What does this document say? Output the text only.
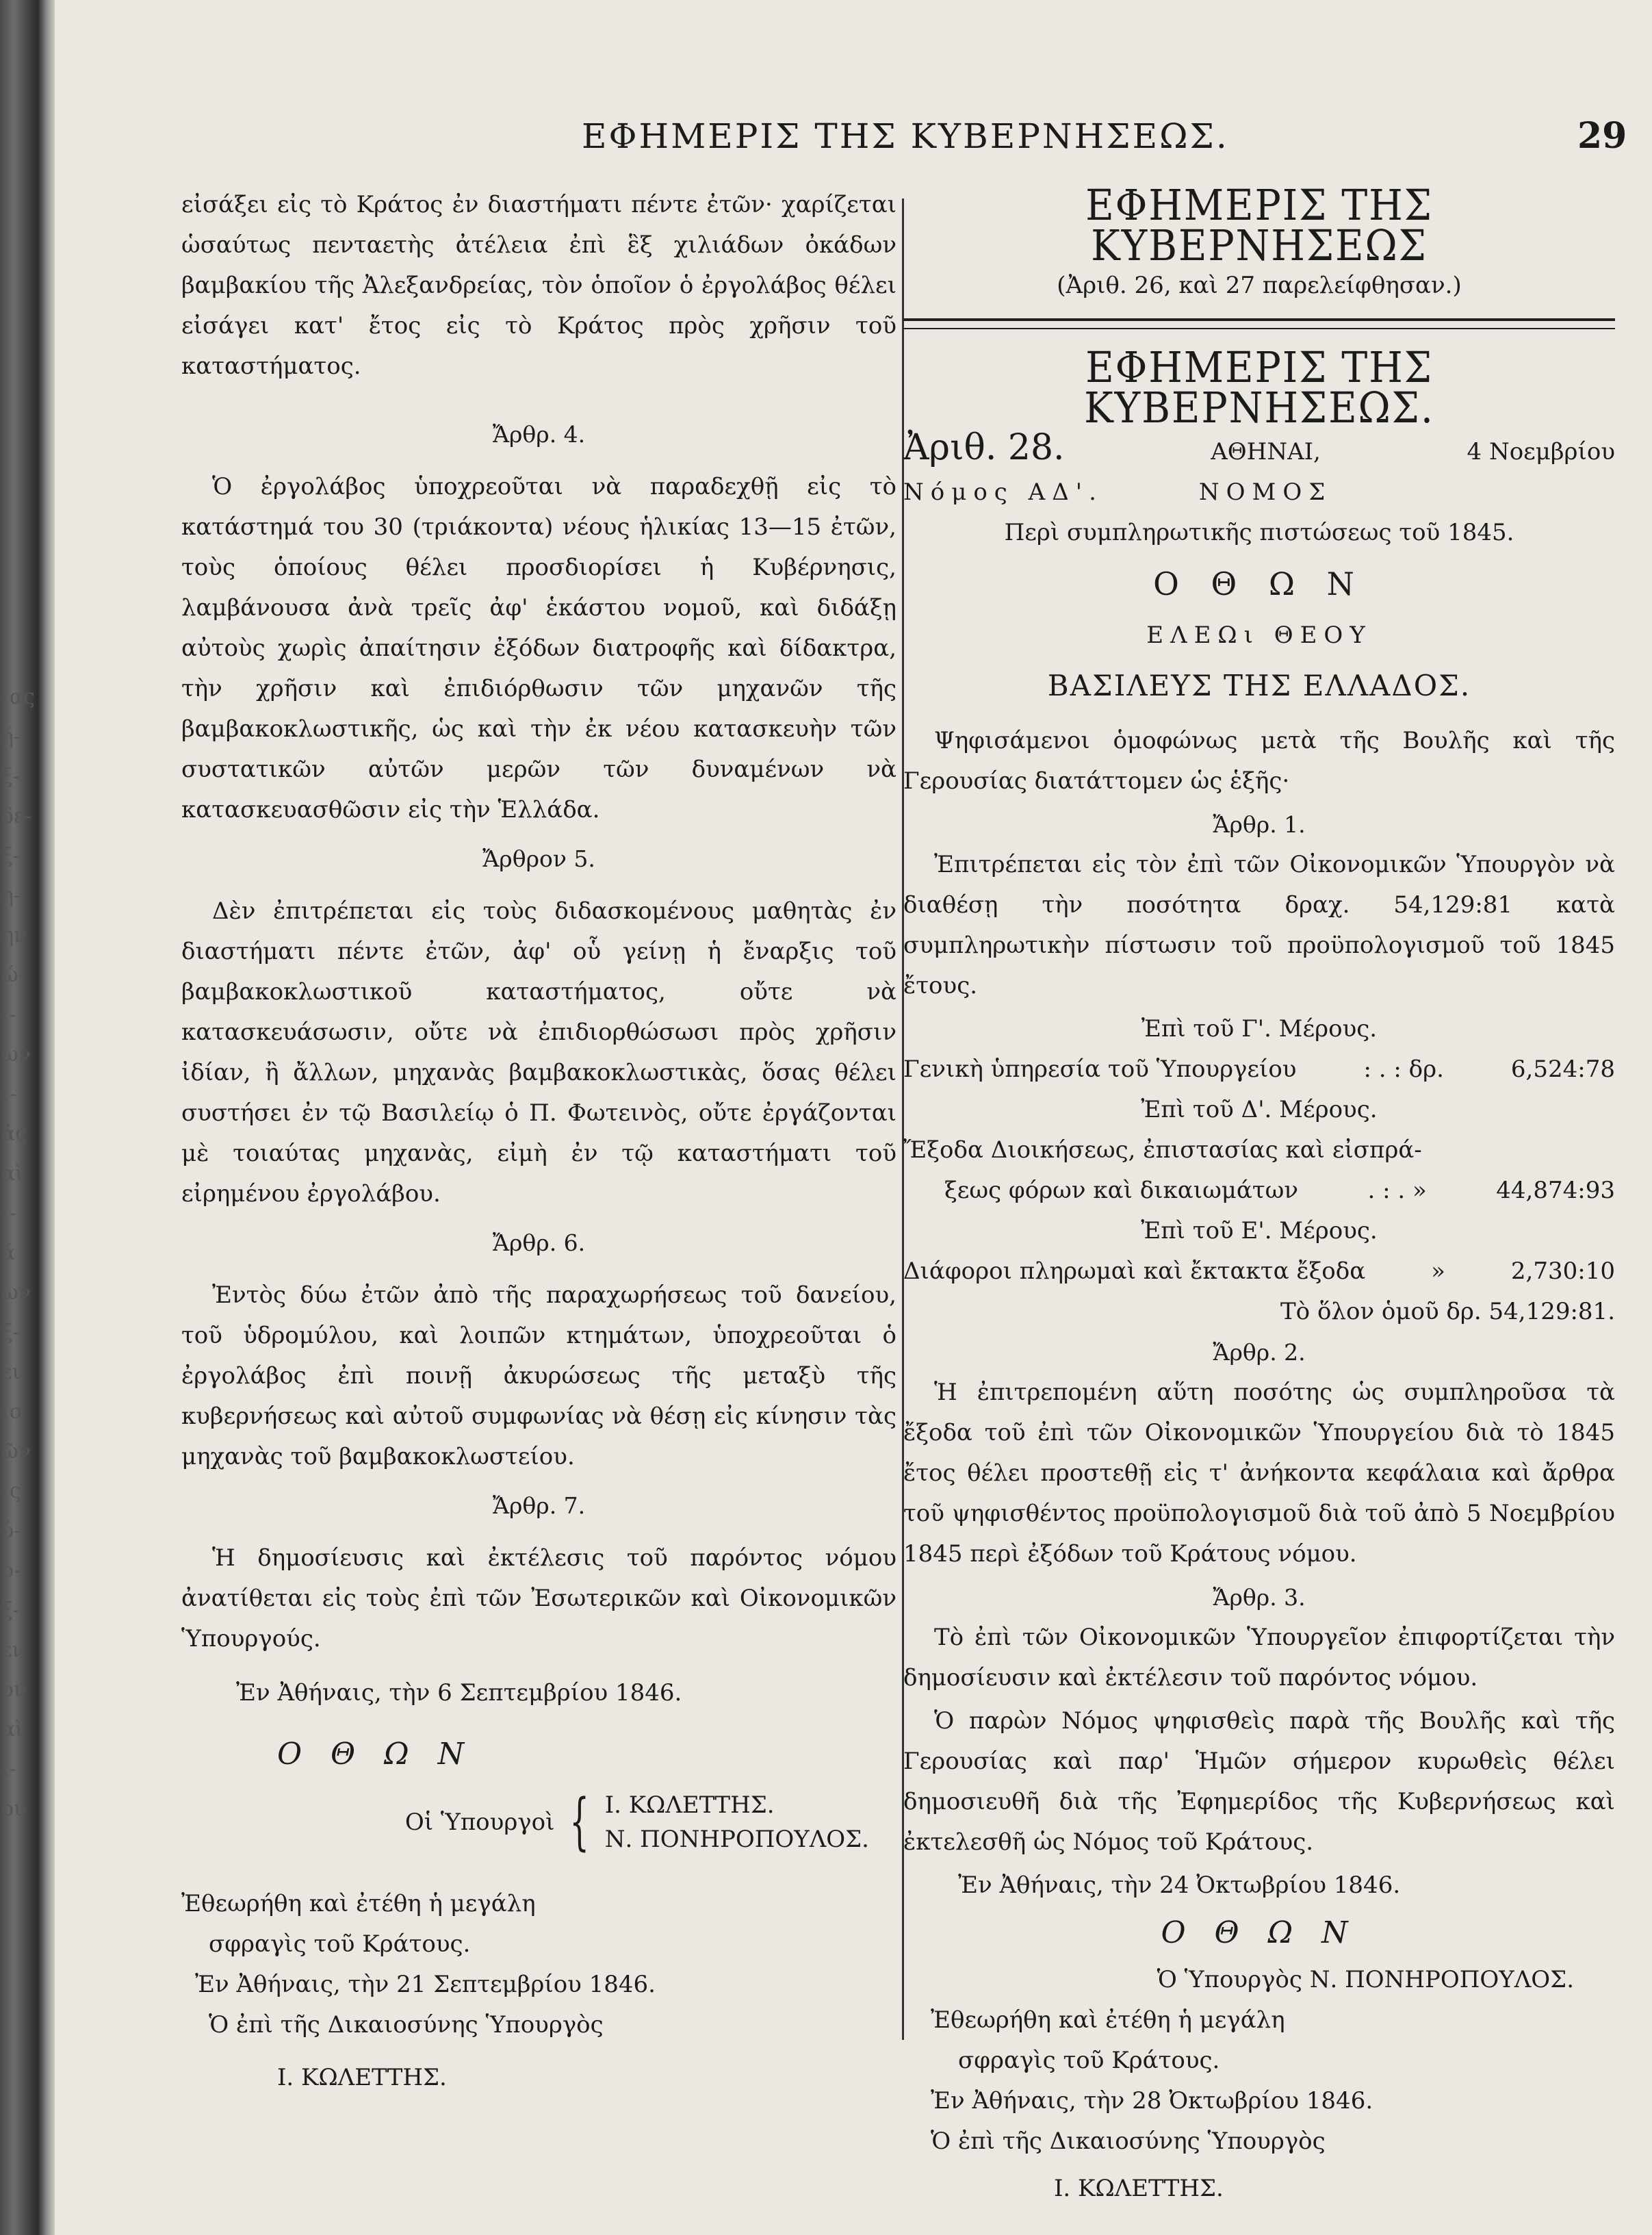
ίας
ή-
ξ-
δε-
ξ-
η-
ην
ώ-
ι-
ων
ί-
ἀς
αὶ
ί-
ά
ων
ξ-
ευ
ίσ
ῶν
ις
ύ-
ο-
ξ-
εν
ου
αὶ
ι-
ου
ΕΦΗΜΕΡΙΣ ΤΗΣ ΚΥΒΕΡΝΗΣΕΩΣ.	29

εἰσάξει εἰς τὸ Κράτος ἐν διαστήματι πέντε ἐτῶν· χαρίζεται ὡσαύτως πενταετὴς ἀτέλεια ἐπὶ ἓξ χιλιάδων ὀκάδων βαμβακίου τῆς Ἀλεξανδρείας, τὸν ὁποῖον ὁ ἐργολάβος θέλει εἰσάγει κατ' ἔτος εἰς τὸ Κράτος πρὸς χρῆσιν τοῦ καταστήματος.

Ἄρθρ. 4.

Ὁ ἐργολάβος ὑποχρεοῦται νὰ παραδεχθῇ εἰς τὸ κατάστημά του 30 (τριάκοντα) νέους ἡλικίας 13—15 ἐτῶν, τοὺς ὁποίους θέλει προσδιορίσει ἡ Κυβέρνησις, λαμβάνουσα ἀνὰ τρεῖς ἀφ' ἑκάστου νομοῦ, καὶ διδάξῃ αὐτοὺς χωρὶς ἀπαίτησιν ἐξόδων διατροφῆς καὶ δίδακτρα, τὴν χρῆσιν καὶ ἐπιδιόρθωσιν τῶν μηχανῶν τῆς βαμβακοκλωστικῆς, ὡς καὶ τὴν ἐκ νέου κατασκευὴν τῶν συστατικῶν αὐτῶν μερῶν τῶν δυναμένων νὰ κατασκευασθῶσιν εἰς τὴν Ἑλλάδα.

Ἄρθρον 5.

Δὲν ἐπιτρέπεται εἰς τοὺς διδασκομένους μαθητὰς ἐν διαστήματι πέντε ἐτῶν, ἀφ' οὗ γείνῃ ἡ ἔναρξις τοῦ βαμβακοκλωστικοῦ καταστήματος, οὔτε νὰ κατασκευάσωσιν, οὔτε νὰ ἐπιδιορθώσωσι πρὸς χρῆσιν ἰδίαν, ἢ ἄλλων, μηχανὰς βαμβακοκλωστικὰς, ὅσας θέλει συστήσει ἐν τῷ Βασιλείῳ ὁ Π. Φωτεινὸς, οὔτε ἐργάζονται μὲ τοιαύτας μηχανὰς, εἰμὴ ἐν τῷ καταστήματι τοῦ εἰρημένου ἐργολάβου.

Ἄρθρ. 6.

Ἐντὸς δύω ἐτῶν ἀπὸ τῆς παραχωρήσεως τοῦ δανείου, τοῦ ὑδρομύλου, καὶ λοιπῶν κτημάτων, ὑποχρεοῦται ὁ ἐργολάβος ἐπὶ ποινῇ ἀκυρώσεως τῆς μεταξὺ τῆς κυβερνήσεως καὶ αὐτοῦ συμφωνίας νὰ θέσῃ εἰς κίνησιν τὰς μηχανὰς τοῦ βαμβακοκλωστείου.

Ἄρθρ. 7.

Ἡ δημοσίευσις καὶ ἐκτέλεσις τοῦ παρόντος νόμου ἀνατίθεται εἰς τοὺς ἐπὶ τῶν Ἐσωτερικῶν καὶ Οἰκονομικῶν Ὑπουργούς.

Ἐν Ἀθήναις, τὴν 6 Σεπτεμβρίου 1846.
Ο Θ Ω Ν
Οἱ Ὑπουργοὶ { Ι. ΚΩΛΕΤΤΗΣ.
Ν. ΠΟΝΗΡΟΠΟΥΛΟΣ.
Ἐθεωρήθη καὶ ἐτέθη ἡ μεγάλη
σφραγὶς τοῦ Κράτους.
Ἐν Ἀθήναις, τὴν 21 Σεπτεμβρίου 1846.
Ὁ ἐπὶ τῆς Δικαιοσύνης Ὑπουργὸς
Ι. ΚΩΛΕΤΤΗΣ.
ΕΦΗΜΕΡΙΣ ΤΗΣ ΚΥΒΕΡΝΗΣΕΩΣ
(Ἀριθ. 26, καὶ 27 παρελείφθησαν.)
ΕΦΗΜΕΡΙΣ ΤΗΣ ΚΥΒΕΡΝΗΣΕΩΣ.
Ἀριθ. 28.	ΑΘΗΝΑΙ,	4 Νοεμβρίου
Νόμος ΑΔ'.	ΝΟΜΟΣ
Περὶ συμπληρωτικῆς πιστώσεως τοῦ 1845.
Ο Θ Ω Ν
ΕΛΕΩι ΘΕΟΥ
ΒΑΣΙΛΕΥΣ ΤΗΣ ΕΛΛΑΔΟΣ.

Ψηφισάμενοι ὁμοφώνως μετὰ τῆς Βουλῆς καὶ τῆς Γερουσίας διατάττομεν ὡς ἑξῆς·

Ἄρθρ. 1.

Ἐπιτρέπεται εἰς τὸν ἐπὶ τῶν Οἰκονομικῶν Ὑπουργὸν νὰ διαθέσῃ τὴν ποσότητα δραχ. 54,129:81 κατὰ συμπληρωτικὴν πίστωσιν τοῦ προϋπολογισμοῦ τοῦ 1845 ἔτους.

Ἐπὶ τοῦ Γ'. Μέρους.
Γενικὴ ὑπηρεσία τοῦ Ὑπουργείου	: . : δρ.	6,524:78
Ἐπὶ τοῦ Δ'. Μέρους.
Ἔξοδα Διοικήσεως, ἐπιστασίας καὶ εἰσπρά-
ξεως φόρων καὶ δικαιωμάτων	. : . »	44,874:93
Ἐπὶ τοῦ Ε'. Μέρους.
Διάφοροι πληρωμαὶ καὶ ἔκτακτα ἔξοδα	»	2,730:10
Τὸ ὅλον ὁμοῦ δρ. 54,129:81.
Ἄρθρ. 2.

Ἡ ἐπιτρεπομένη αὕτη ποσότης ὡς συμπληροῦσα τὰ ἔξοδα τοῦ ἐπὶ τῶν Οἰκονομικῶν Ὑπουργείου διὰ τὸ 1845 ἔτος θέλει προστεθῇ εἰς τ' ἀνήκοντα κεφάλαια καὶ ἄρθρα τοῦ ψηφισθέντος προϋπολογισμοῦ διὰ τοῦ ἀπὸ 5 Νοεμβρίου 1845 περὶ ἐξόδων τοῦ Κράτους νόμου.

Ἄρθρ. 3.

Τὸ ἐπὶ τῶν Οἰκονομικῶν Ὑπουργεῖον ἐπιφορτίζεται τὴν δημοσίευσιν καὶ ἐκτέλεσιν τοῦ παρόντος νόμου.

Ὁ παρὼν Νόμος ψηφισθεὶς παρὰ τῆς Βουλῆς καὶ τῆς Γερουσίας καὶ παρ' Ἡμῶν σήμερον κυρωθεὶς θέλει δημοσιευθῆ διὰ τῆς Ἐφημερίδος τῆς Κυβερνήσεως καὶ ἐκτελεσθῆ ὡς Νόμος τοῦ Κράτους.

Ἐν Ἀθήναις, τὴν 24 Ὀκτωβρίου 1846.
Ο Θ Ω Ν
Ὁ Ὑπουργὸς Ν. ΠΟΝΗΡΟΠΟΥΛΟΣ.
Ἐθεωρήθη καὶ ἐτέθη ἡ μεγάλη
σφραγὶς τοῦ Κράτους.
Ἐν Ἀθήναις, τὴν 28 Ὀκτωβρίου 1846.
Ὁ ἐπὶ τῆς Δικαιοσύνης Ὑπουργὸς
Ι. ΚΩΛΕΤΤΗΣ.
